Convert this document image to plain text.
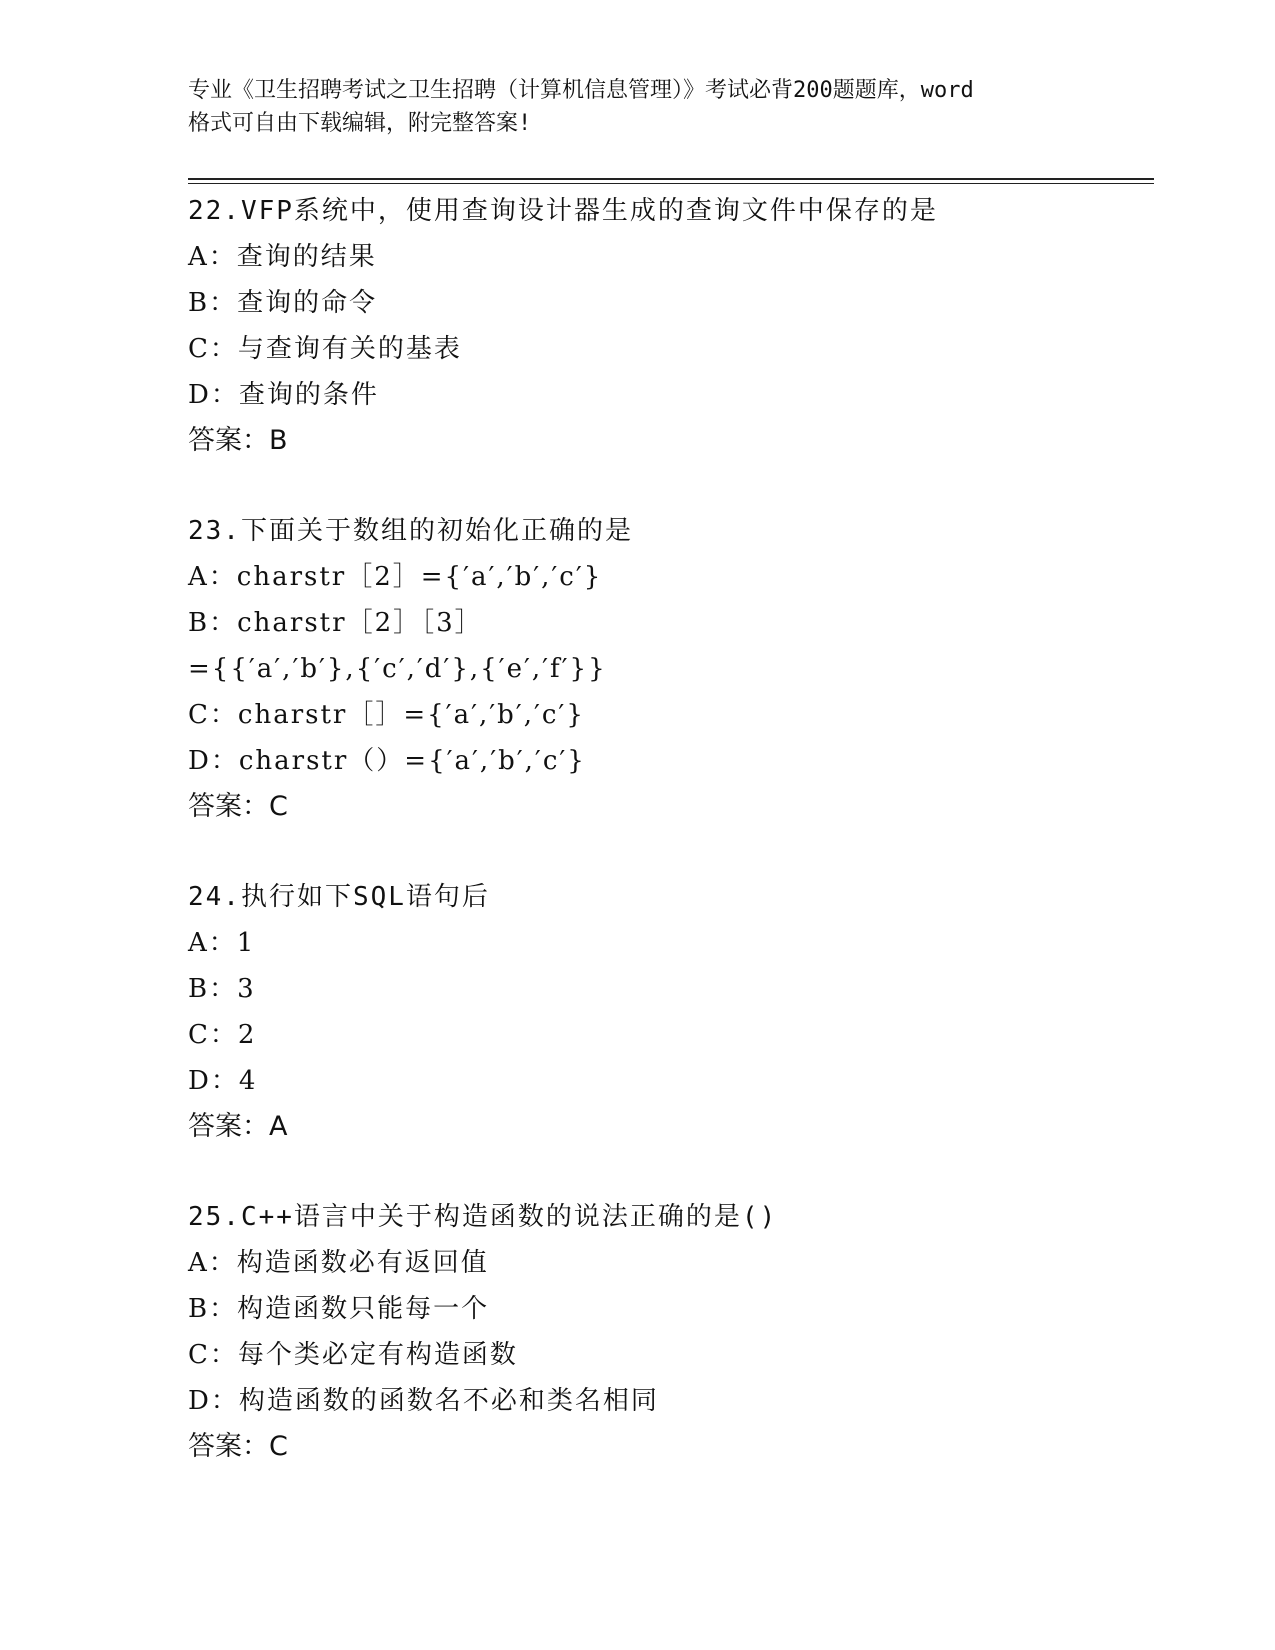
专业《卫生招聘考试之卫生招聘（计算机信息管理）》考试必背200题题库，word
格式可自由下载编辑，附完整答案!
22.VFP系统中，使用查询设计器生成的查询文件中保存的是
A：查询的结果
B：查询的命令
C：与查询有关的基表
D：查询的条件
答案：B
23.下面关于数组的初始化正确的是
A：charstr［2］={′a′,′b′,′c′}
B：charstr［2］［3］
={{′a′,′b′},{′c′,′d′},{′e′,′f′}}
C：charstr［］={′a′,′b′,′c′}
D：charstr（）={′a′,′b′,′c′}
答案：C
24.执行如下SQL语句后
A：1
B：3
C：2
D：4
答案：A
25.C++语言中关于构造函数的说法正确的是()
A：构造函数必有返回值
B：构造函数只能每一个
C：每个类必定有构造函数
D：构造函数的函数名不必和类名相同
答案：C
